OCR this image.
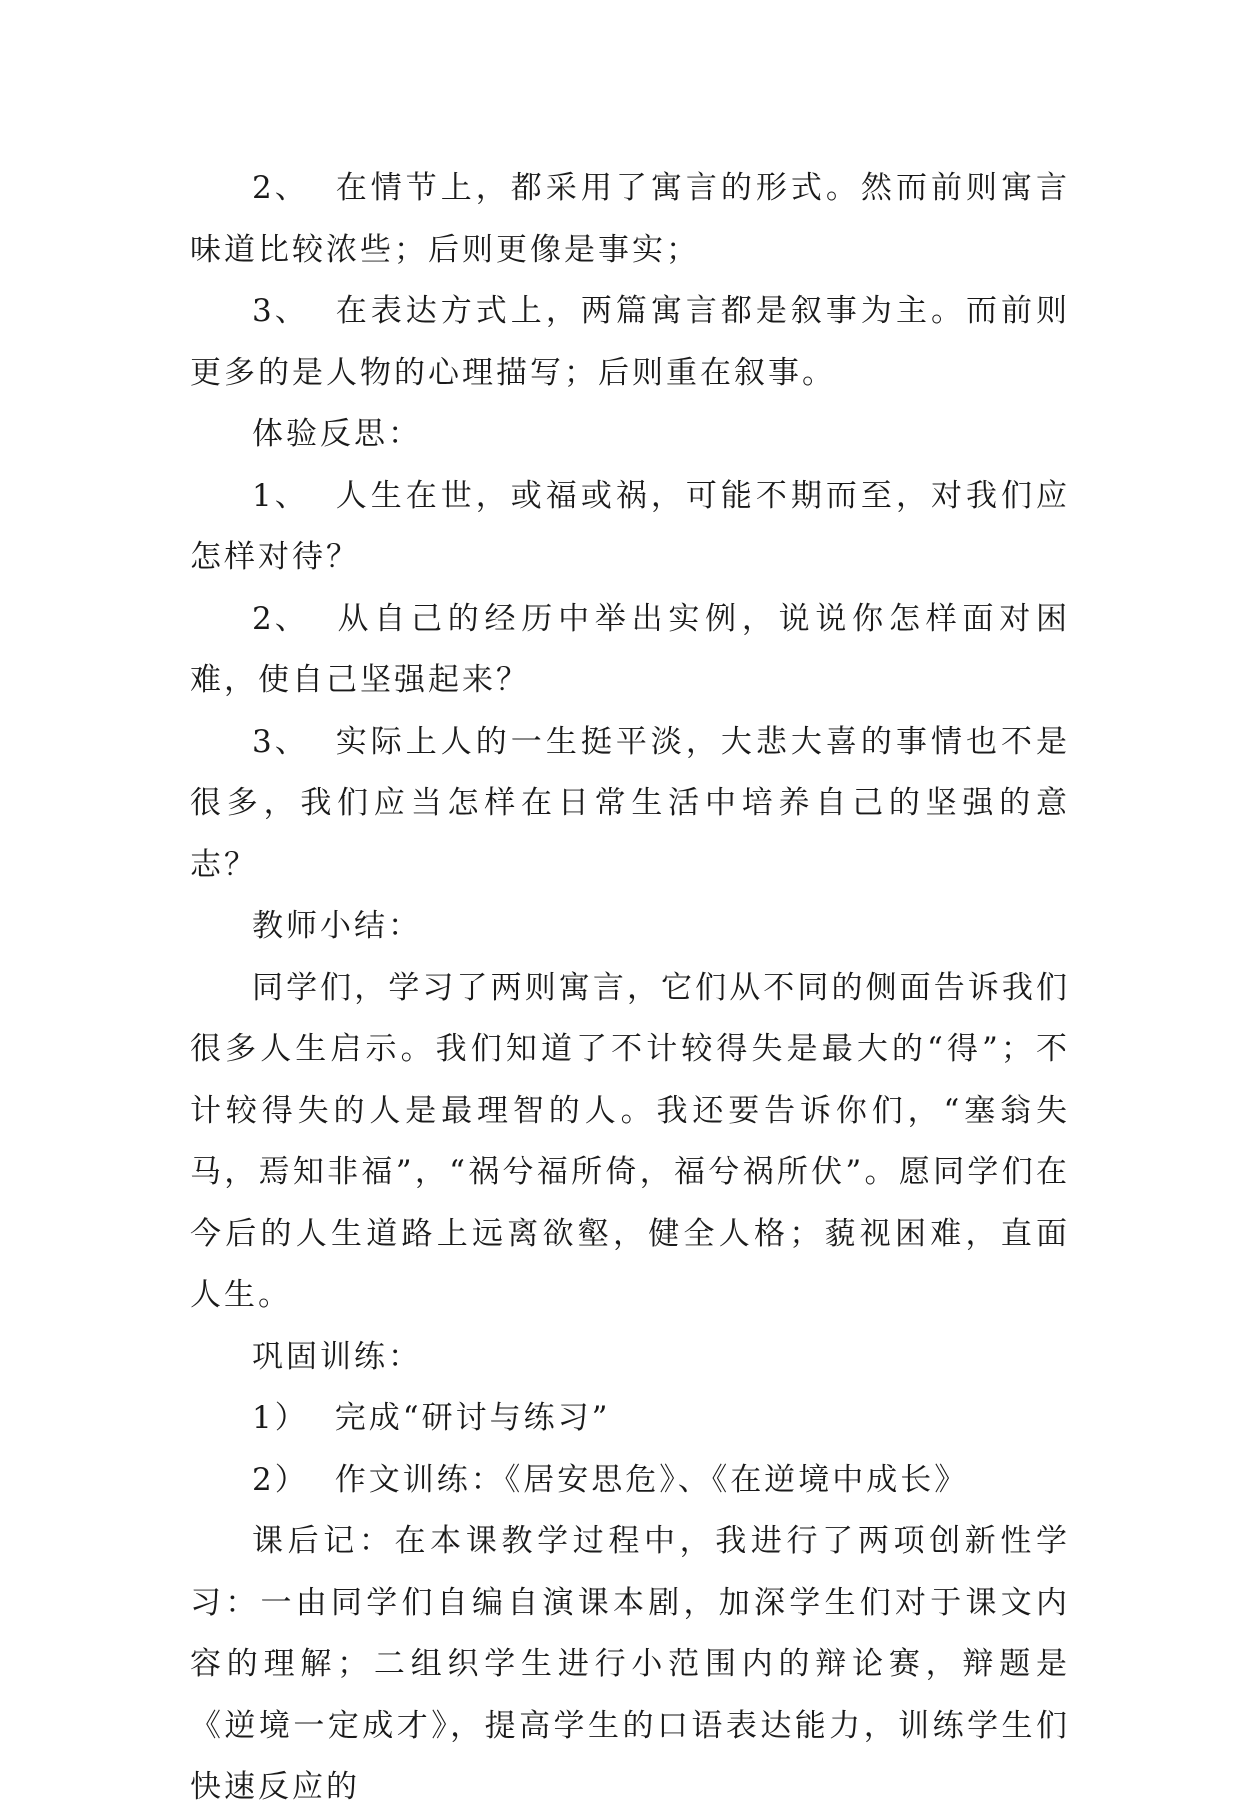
2、 在情节上，都采用了寓言的形式。然而前则寓言味道比较浓些；后则更像是事实；

3、 在表达方式上，两篇寓言都是叙事为主。而前则更多的是人物的心理描写；后则重在叙事。

体验反思：

1、 人生在世，或福或祸，可能不期而至，对我们应怎样对待？

2、 从自己的经历中举出实例，说说你怎样面对困难，使自己坚强起来？

3、 实际上人的一生挺平淡，大悲大喜的事情也不是很多，我们应当怎样在日常生活中培养自己的坚强的意志？

教师小结：

同学们，学习了两则寓言，它们从不同的侧面告诉我们很多人生启示。我们知道了不计较得失是最大的“得”；不计较得失的人是最理智的人。我还要告诉你们，“塞翁失马，焉知非福”，“祸兮福所倚，福兮祸所伏”。愿同学们在今后的人生道路上远离欲壑，健全人格；藐视困难，直面人生。

巩固训练：

1） 完成“研讨与练习”

2） 作文训练：《居安思危》、《在逆境中成长》

课后记：在本课教学过程中，我进行了两项创新性学习：一由同学们自编自演课本剧，加深学生们对于课文内容的理解；二组织学生进行小范围内的辩论赛，辩题是《逆境一定成才》，提高学生的口语表达能力，训练学生们快速反应的
